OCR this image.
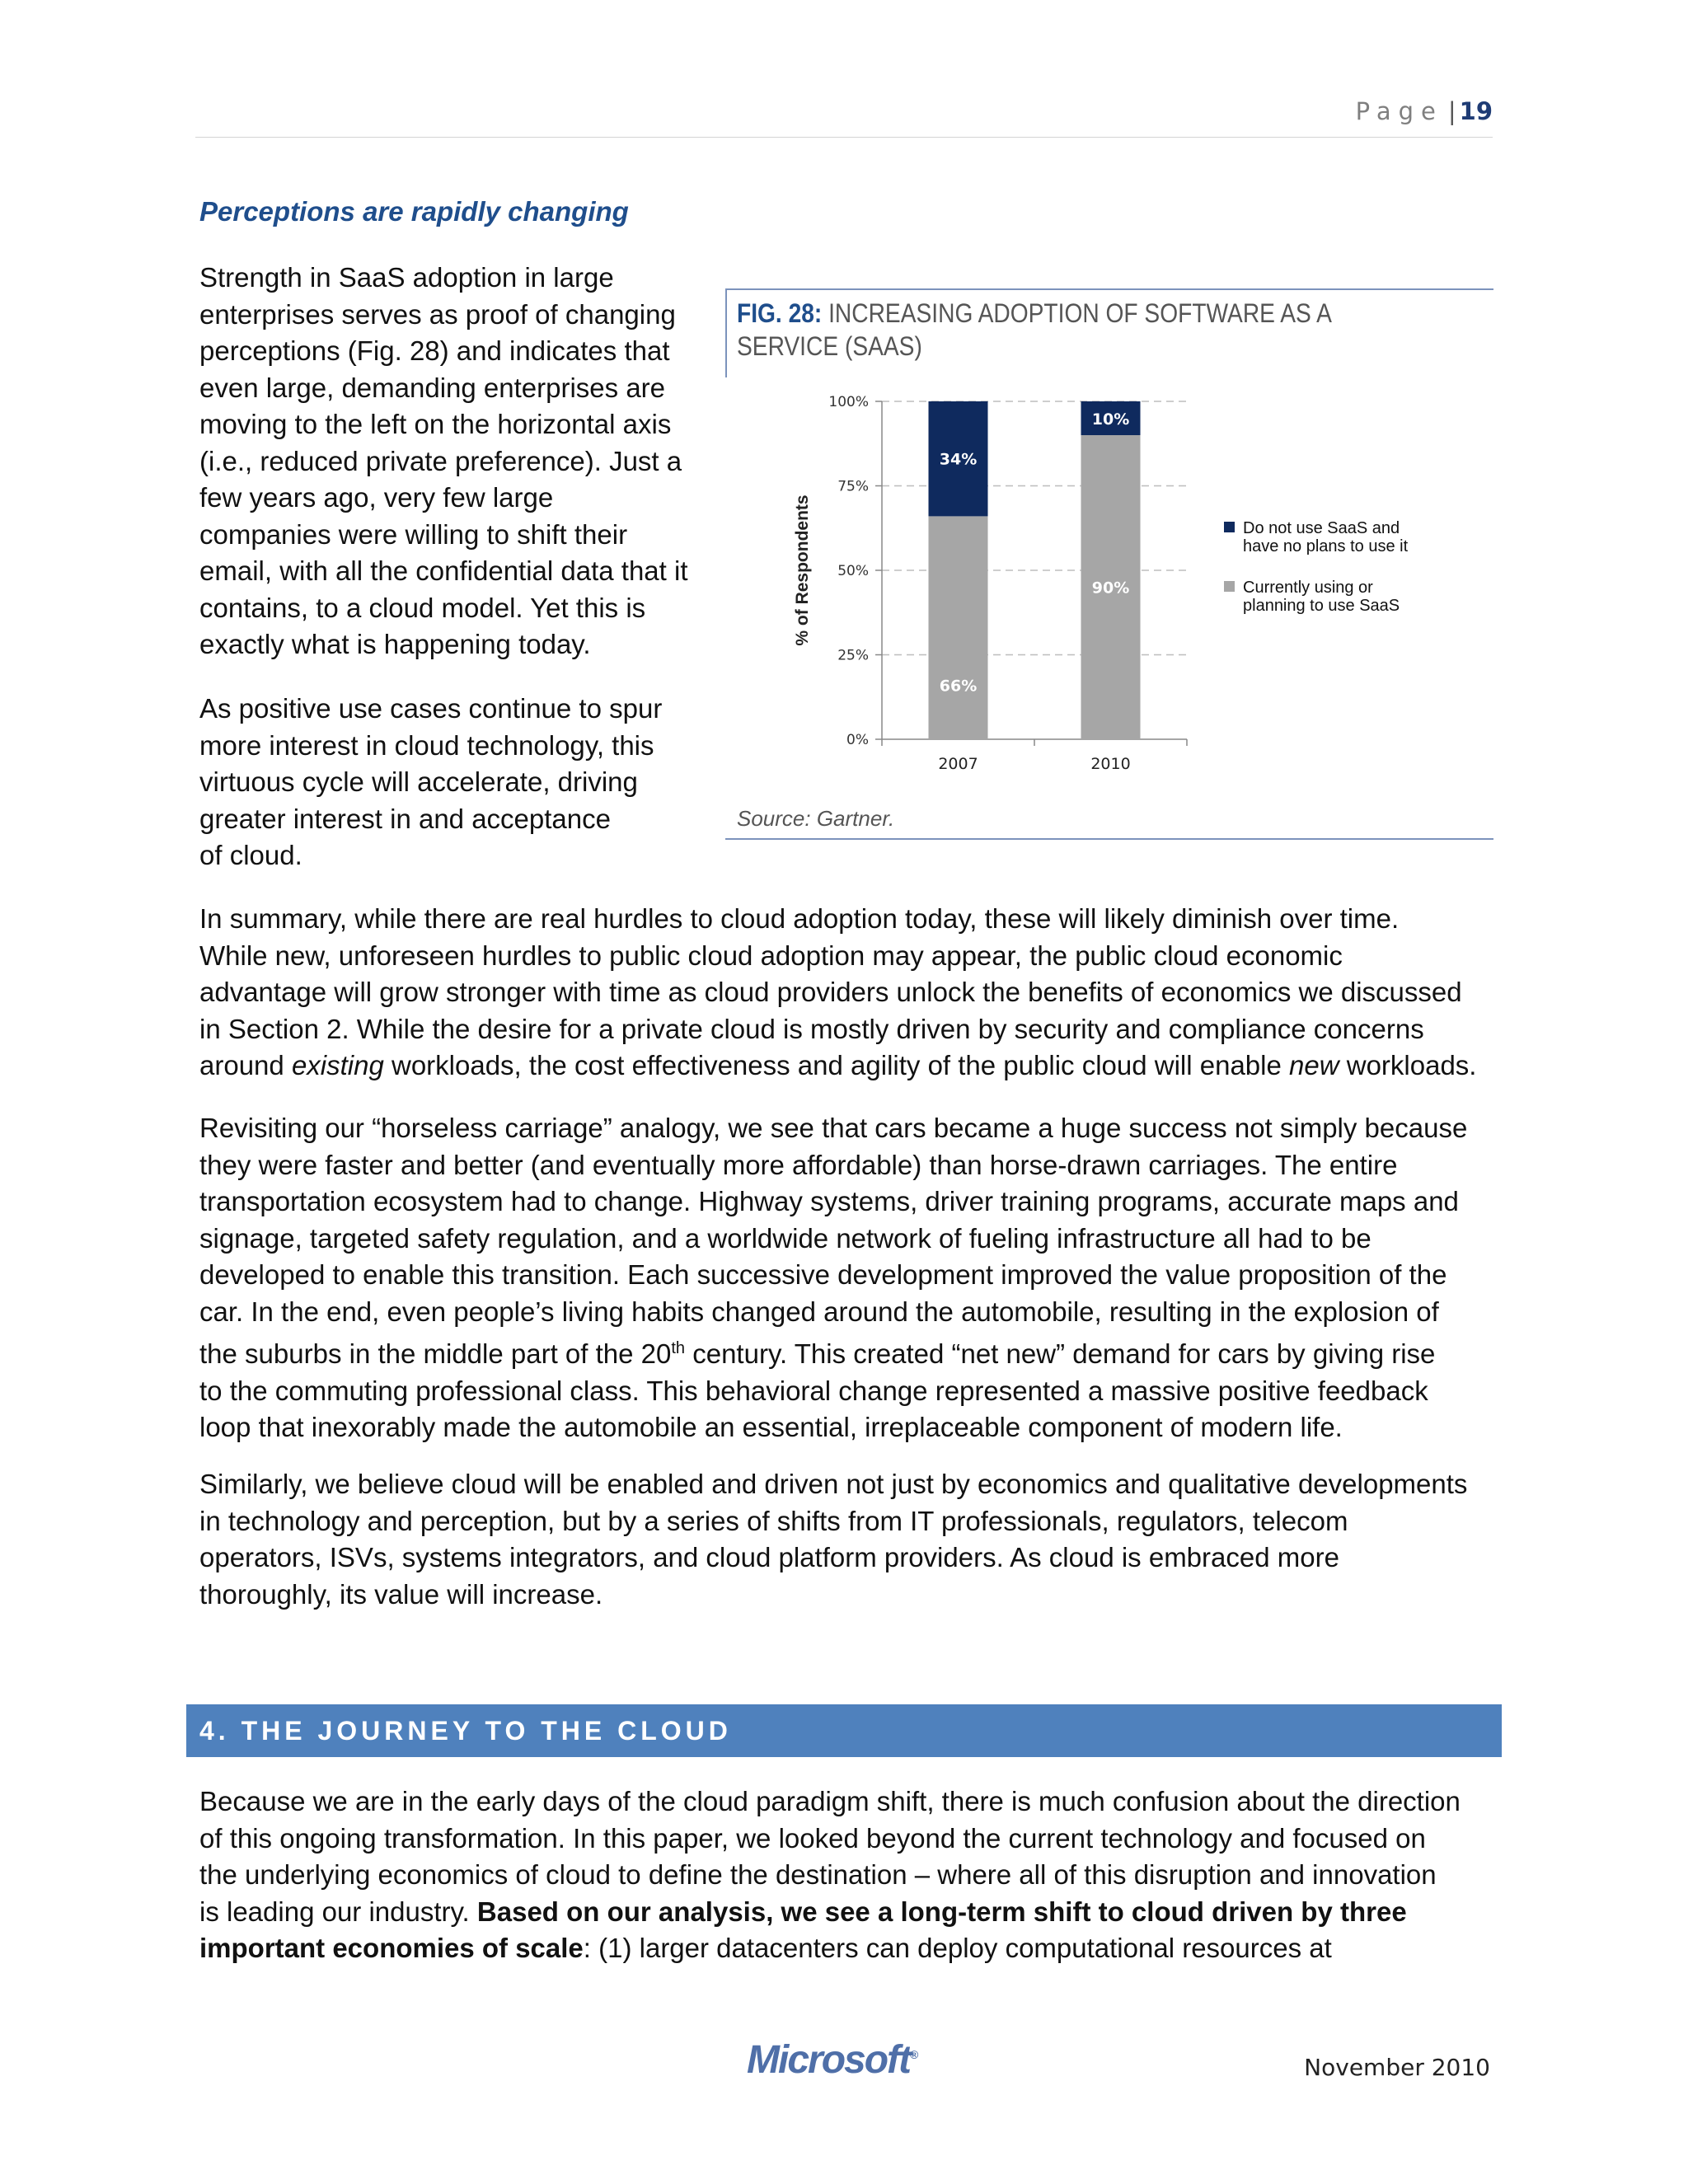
Page | 19
Perceptions are rapidly changing
Strength in SaaS adoption in large
enterprises serves as proof of changing
perceptions (Fig. 28) and indicates that
even large, demanding enterprises are
moving to the left on the horizontal axis
(i.e., reduced private preference). Just a
few years ago, very few large
companies were willing to shift their
email, with all the confidential data that it
contains, to a cloud model. Yet this is
exactly what is happening today.
As positive use cases continue to spur
more interest in cloud technology, this
virtuous cycle will accelerate, driving
greater interest in and acceptance
of cloud.
FIG. 28: INCREASING ADOPTION OF SOFTWARE AS A SERVICE (SAAS)
0%
25%
50%
75%
100%
% of Respondents
66%
34%
2007
90%
10%
2010
Do not use SaaS and
have no plans to use it
Currently using or
planning to use SaaS
Source: Gartner.
In summary, while there are real hurdles to cloud adoption today, these will likely diminish over time.
While new, unforeseen hurdles to public cloud adoption may appear, the public cloud economic
advantage will grow stronger with time as cloud providers unlock the benefits of economics we discussed
in Section 2. While the desire for a private cloud is mostly driven by security and compliance concerns
around existing workloads, the cost effectiveness and agility of the public cloud will enable new workloads.
Revisiting our “horseless carriage” analogy, we see that cars became a huge success not simply because
they were faster and better (and eventually more affordable) than horse-drawn carriages. The entire
transportation ecosystem had to change. Highway systems, driver training programs, accurate maps and
signage, targeted safety regulation, and a worldwide network of fueling infrastructure all had to be
developed to enable this transition. Each successive development improved the value proposition of the
car. In the end, even people’s living habits changed around the automobile, resulting in the explosion of
the suburbs in the middle part of the 20th century. This created “net new” demand for cars by giving rise
to the commuting professional class. This behavioral change represented a massive positive feedback
loop that inexorably made the automobile an essential, irreplaceable component of modern life.
Similarly, we believe cloud will be enabled and driven not just by economics and qualitative developments
in technology and perception, but by a series of shifts from IT professionals, regulators, telecom
operators, ISVs, systems integrators, and cloud platform providers. As cloud is embraced more
thoroughly, its value will increase.
4. THE JOURNEY TO THE CLOUD
Because we are in the early days of the cloud paradigm shift, there is much confusion about the direction
of this ongoing transformation. In this paper, we looked beyond the current technology and focused on
the underlying economics of cloud to define the destination – where all of this disruption and innovation
is leading our industry. Based on our analysis, we see a long-term shift to cloud driven by three
important economies of scale: (1) larger datacenters can deploy computational resources at
Microsoft®	November 2010
